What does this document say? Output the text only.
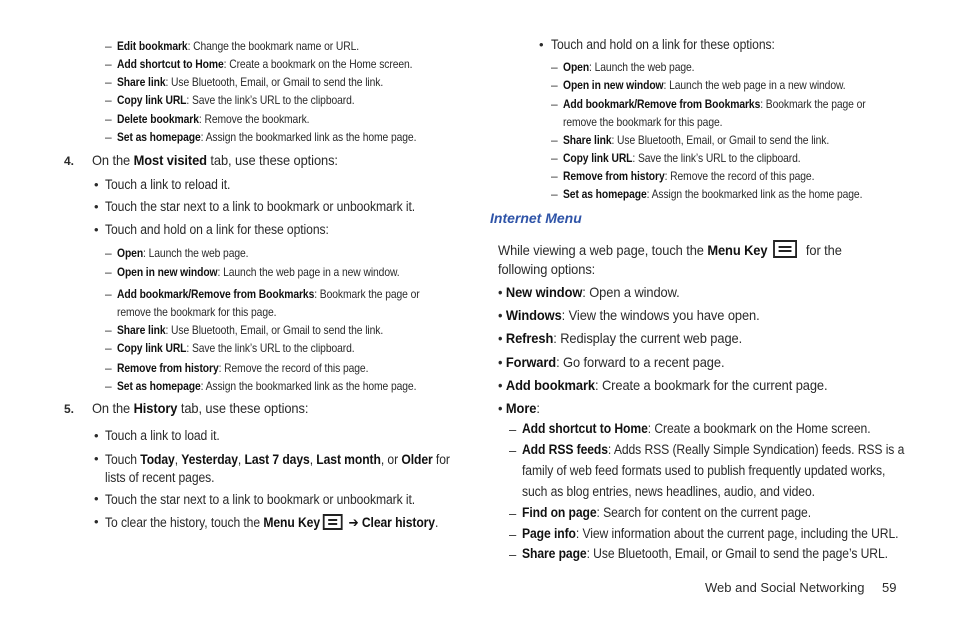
– Edit bookmark: Change the bookmark name or URL.
– Add shortcut to Home: Create a bookmark on the Home screen.
– Share link: Use Bluetooth, Email, or Gmail to send the link.
– Copy link URL: Save the link’s URL to the clipboard.
– Delete bookmark: Remove the bookmark.
– Set as homepage: Assign the bookmarked link as the home page.
4. On the Most visited tab, use these options:
• Touch a link to reload it.
• Touch the star next to a link to bookmark or unbookmark it.
• Touch and hold on a link for these options:
– Open: Launch the web page.
– Open in new window: Launch the web page in a new window.
– Add bookmark/Remove from Bookmarks: Bookmark the page or
remove the bookmark for this page.
– Share link: Use Bluetooth, Email, or Gmail to send the link.
– Copy link URL: Save the link’s URL to the clipboard.
– Remove from history: Remove the record of this page.
– Set as homepage: Assign the bookmarked link as the home page.
5. On the History tab, use these options:
• Touch a link to load it.
• Touch Today, Yesterday, Last 7 days, Last month, or Older for
lists of recent pages.
• Touch the star next to a link to bookmark or unbookmark it.
• To clear the history, touch the Menu Key
➔ Clear history.
• Touch and hold on a link for these options:
– Open: Launch the web page.
– Open in new window: Launch the web page in a new window.
– Add bookmark/Remove from Bookmarks: Bookmark the page or
remove the bookmark for this page.
– Share link: Use Bluetooth, Email, or Gmail to send the link.
– Copy link URL: Save the link’s URL to the clipboard.
– Remove from history: Remove the record of this page.
– Set as homepage: Assign the bookmarked link as the home page.
Internet Menu
While viewing a web page, touch the Menu Key
for the
following options:
• New window: Open a window.
• Windows: View the windows you have open.
• Refresh: Redisplay the current web page.
• Forward: Go forward to a recent page.
• Add bookmark: Create a bookmark for the current page.
• More:
– Add shortcut to Home: Create a bookmark on the Home screen.
– Add RSS feeds: Adds RSS (Really Simple Syndication) feeds. RSS is a
family of web feed formats used to publish frequently updated works,
such as blog entries, news headlines, audio, and video.
– Find on page: Search for content on the current page.
– Page info: View information about the current page, including the URL.
– Share page: Use Bluetooth, Email, or Gmail to send the page’s URL.
Web and Social Networking 59
